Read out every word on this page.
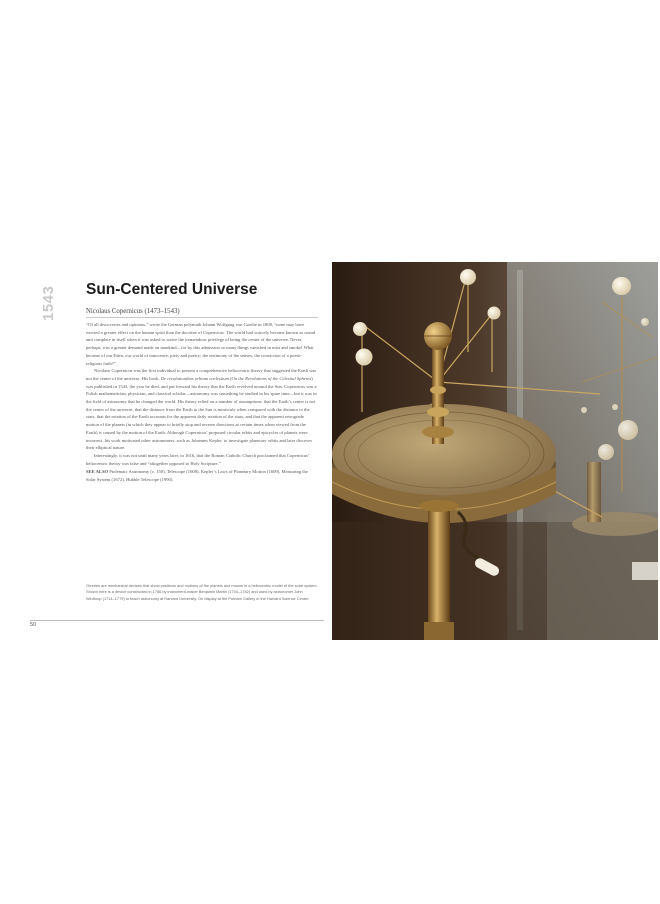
1543	Sun-Centered Universe
Nicolaus Copernicus (1473–1543)

“Of all discoveries and opinions,” wrote the German polymath Johann Wolfgang von Goethe in 1808, “none may have exerted a greater effect on the human spirit than the doctrine of Copernicus. The world had scarcely become known as round and complete in itself when it was asked to waive the tremendous privilege of being the center of the universe. Never, perhaps, was a greater demand made on mankind—for by this admission so many things vanished in mist and smoke! What became of our Eden, our world of innocence, piety and poetry; the testimony of the senses; the conviction of a poetic-religious faith?”

Nicolaus Copernicus was the first individual to present a comprehensive heliocentric theory that suggested the Earth was not the center of the universe. His book, De revolutionibus orbium coelestium (On the Revolutions of the Celestial Spheres) was published in 1543, the year he died, and put forward his theory that the Earth revolved around the Sun. Copernicus was a Polish mathematician, physician, and classical scholar—astronomy was something he studied in his spare time—but it was in the field of astronomy that he changed the world. His theory relied on a number of assumptions: that the Earth’s center is not the center of the universe, that the distance from the Earth to the Sun is miniscule when compared with the distance to the stars, that the rotation of the Earth accounts for the apparent daily rotation of the stars, and that the apparent retrograde motion of the planets (in which they appear to briefly stop and reverse directions at certain times when viewed from the Earth) is caused by the motion of the Earth. Although Copernicus’ proposed circular orbits and epicycles of planets were incorrect, his work motivated other astronomers, such as Johannes Kepler, to investigate planetary orbits and later discover their elliptical nature.

Interestingly, it was not until many years later, in 1616, that the Roman Catholic Church proclaimed that Copernicus’ heliocentric theory was false and “altogether opposed to Holy Scripture.”

SEE ALSO Ptolemaic Astronomy (c. 150), Telescope (1608), Kepler’s Laws of Planetary Motion (1609), Measuring the Solar System (1672), Hubble Telescope (1990).

Orreries are mechanical devices that show positions and motions of the planets and moons in a heliocentric model of the solar system. Shown here is a device constructed in 1766 by instrument-maker Benjamin Martin (1704–1782) and used by astronomer John Winthrop (1714–1779) to teach astronomy at Harvard University. On display at the Putnam Gallery in the Harvard Science Center.
50
